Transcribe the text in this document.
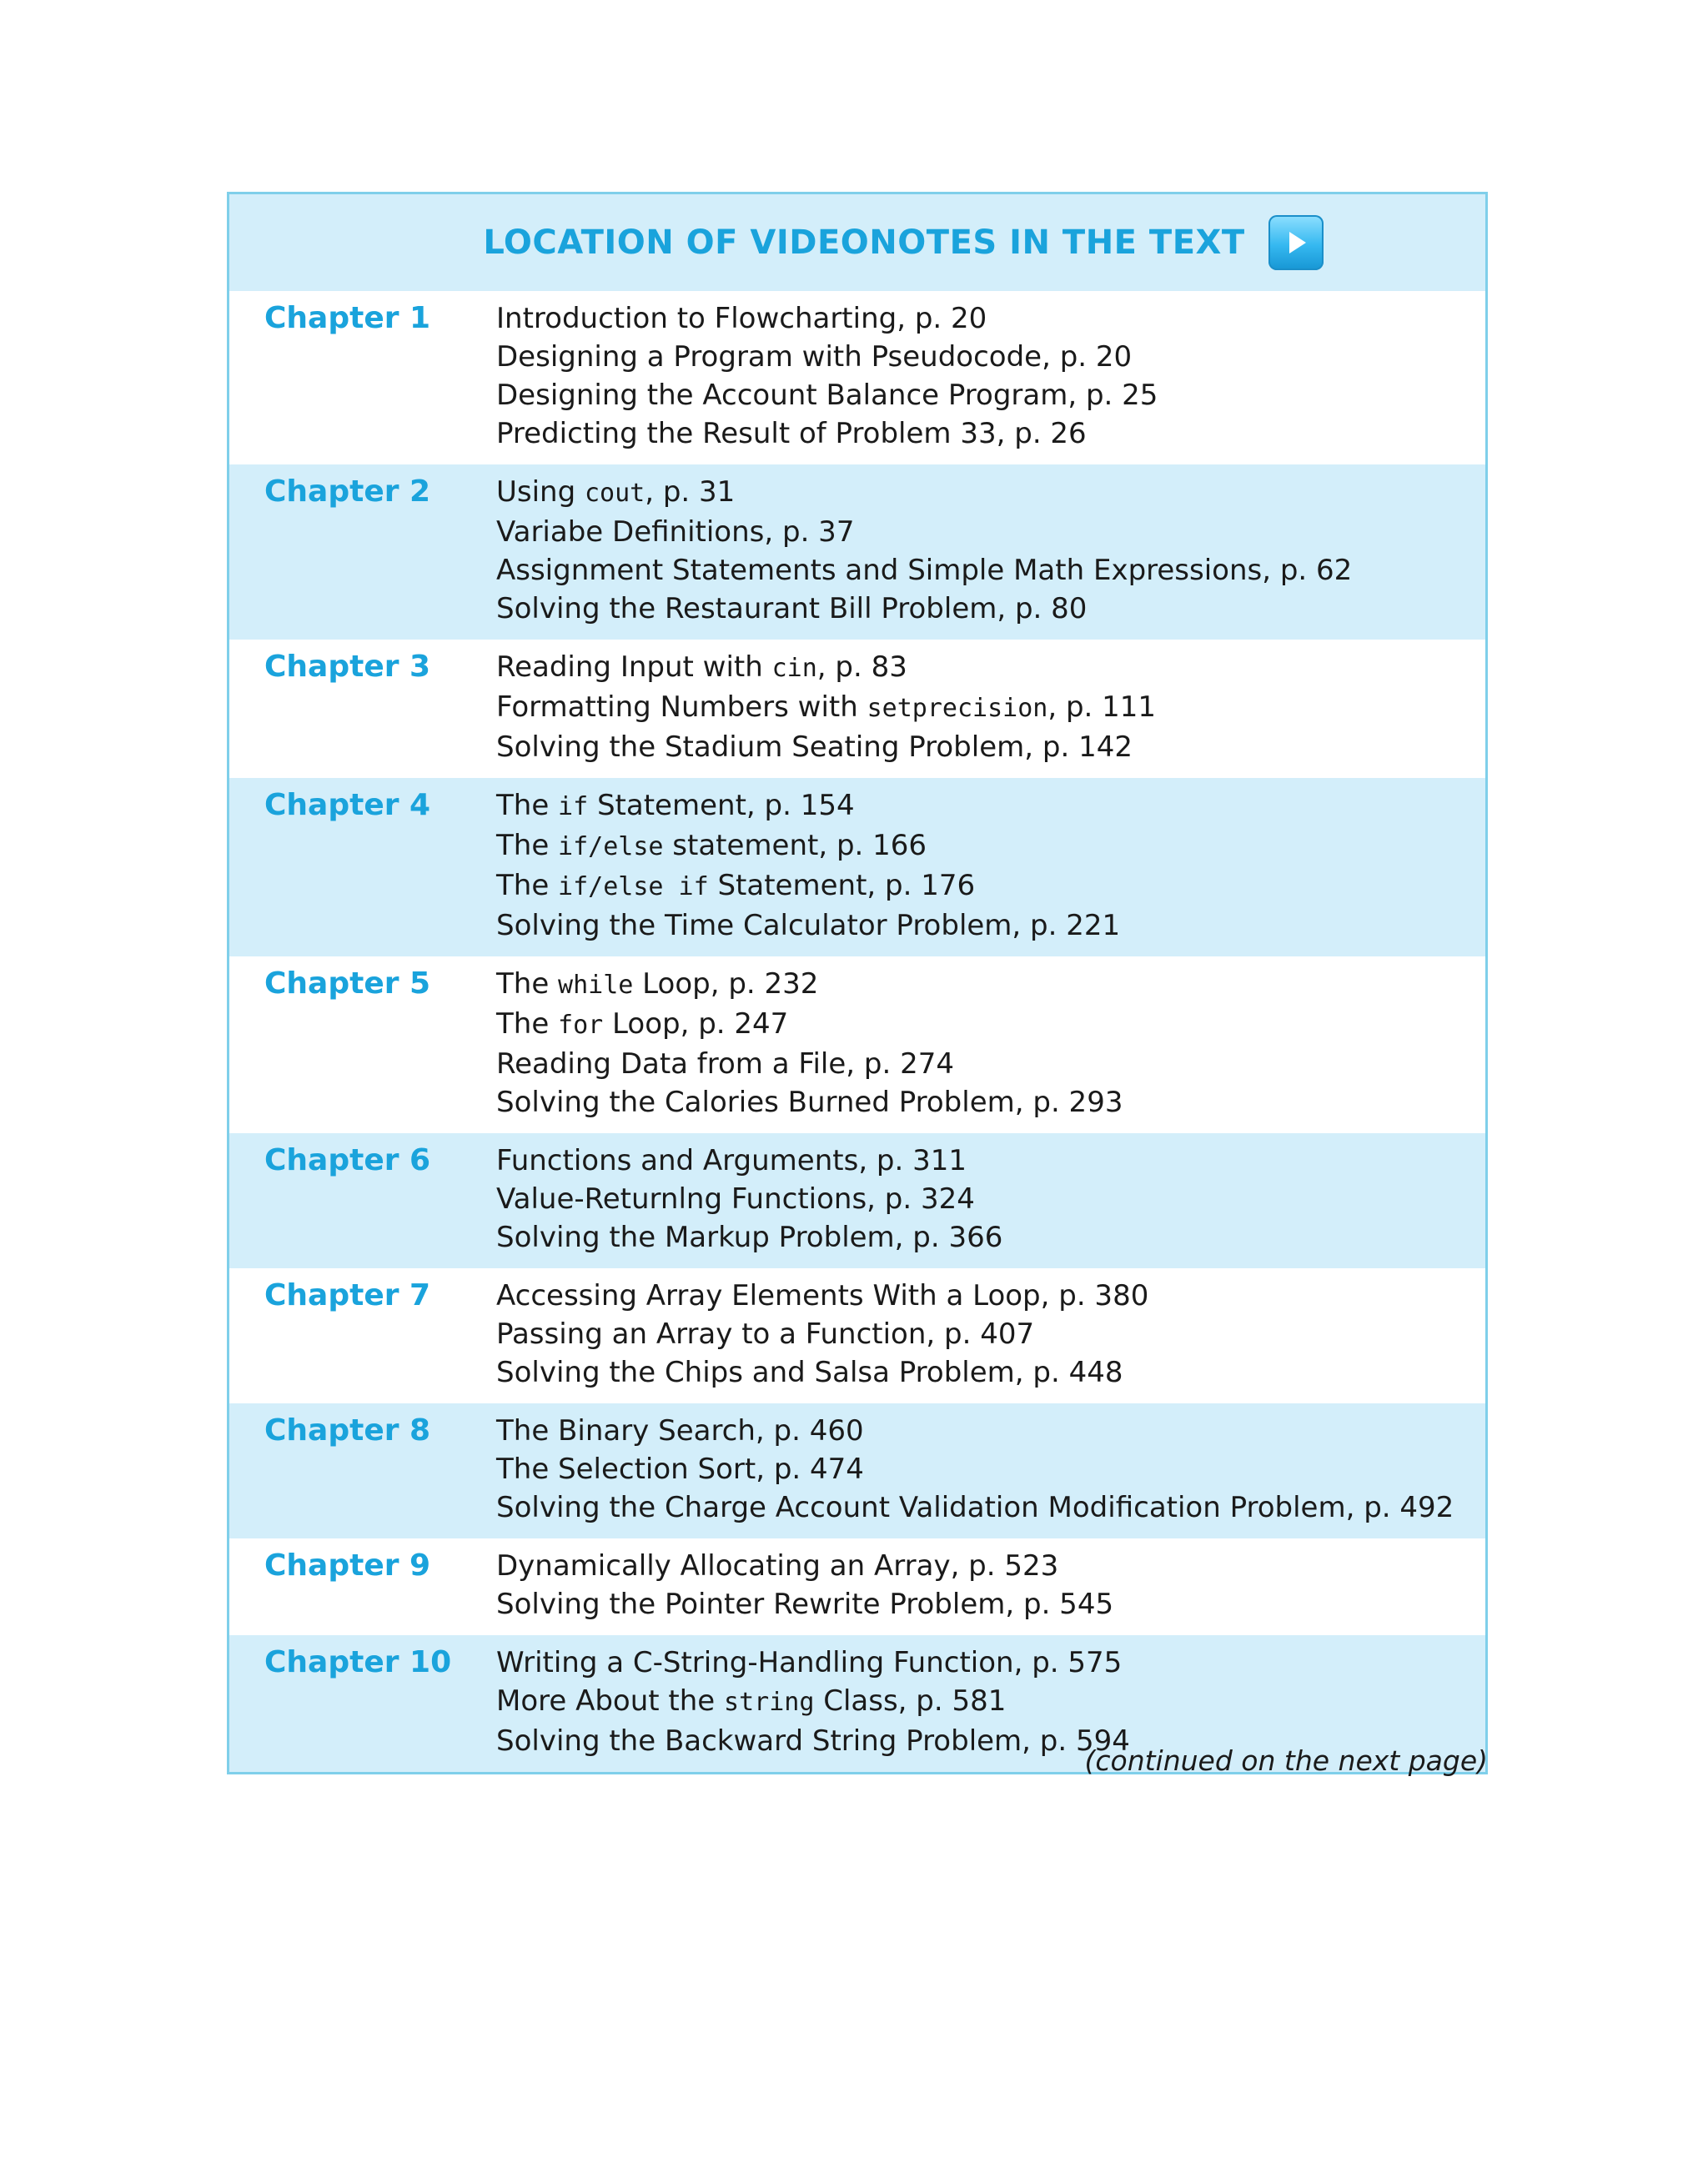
LOCATION OF VIDEONOTES IN THE TEXT
Chapter 1	Introduction to Flowcharting, p. 20
Designing a Program with Pseudocode, p. 20
Designing the Account Balance Program, p. 25
Predicting the Result of Problem 33, p. 26
Chapter 2	Using cout, p. 31
Variabe Definitions, p. 37
Assignment Statements and Simple Math Expressions, p. 62
Solving the Restaurant Bill Problem, p. 80
Chapter 3	Reading Input with cin, p. 83
Formatting Numbers with setprecision, p. 111
Solving the Stadium Seating Problem, p. 142
Chapter 4	The if Statement, p. 154
The if/else statement, p. 166
The if/else if Statement, p. 176
Solving the Time Calculator Problem, p. 221
Chapter 5	The while Loop, p. 232
The for Loop, p. 247
Reading Data from a File, p. 274
Solving the Calories Burned Problem, p. 293
Chapter 6	Functions and Arguments, p. 311
Value-Returnlng Functions, p. 324
Solving the Markup Problem, p. 366
Chapter 7	Accessing Array Elements With a Loop, p. 380
Passing an Array to a Function, p. 407
Solving the Chips and Salsa Problem, p. 448
Chapter 8	The Binary Search, p. 460
The Selection Sort, p. 474
Solving the Charge Account Validation Modification Problem, p. 492
Chapter 9	Dynamically Allocating an Array, p. 523
Solving the Pointer Rewrite Problem, p. 545
Chapter 10	Writing a C-String-Handling Function, p. 575
More About the string Class, p. 581
Solving the Backward String Problem, p. 594
(continued on the next page)
